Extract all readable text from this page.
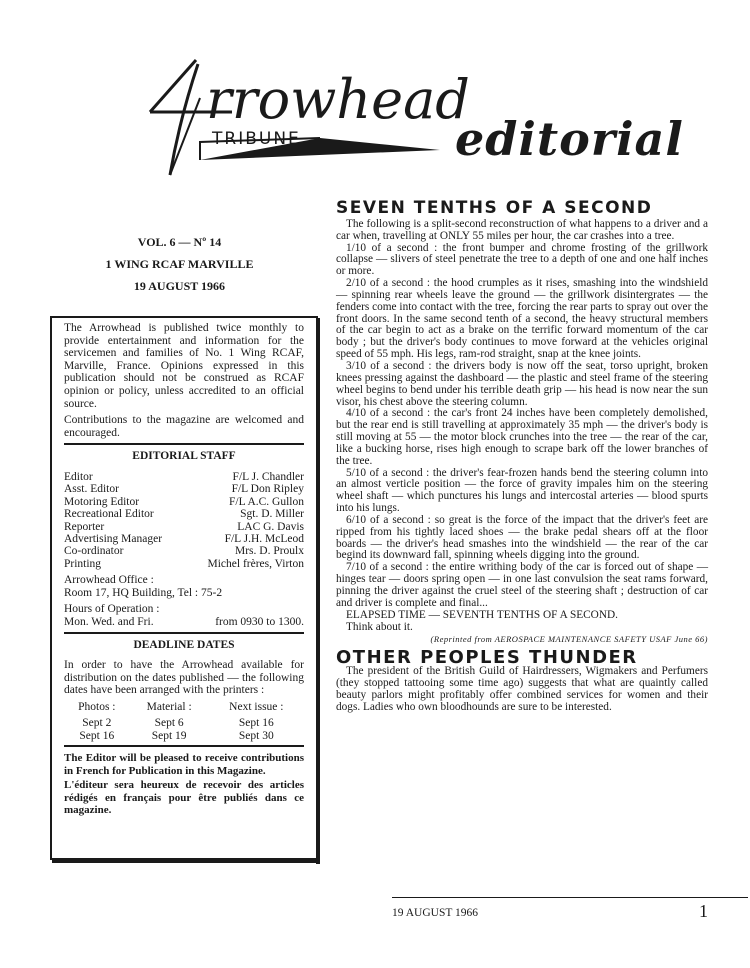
rrowhead
TRIBUNE	editorial
VOL. 6 — Nº 14
1 WING RCAF MARVILLE
19 AUGUST 1966

The Arrowhead is published twice monthly to provide entertainment and information for the servicemen and families of No. 1 Wing RCAF, Marville, France. Opinions expressed in this publication should not be construed as RCAF opinion or policy, unless accredited to an official source.

Contributions to the magazine are welcomed and encouraged.

EDITORIAL STAFF
Editor	F/L J. Chandler
Asst. Editor	F/L Don Ripley
Motoring Editor	F/L A.C. Gullon
Recreational Editor	Sgt. D. Miller
Reporter	LAC G. Davis
Advertising Manager	F/L J.H. McLeod
Co-ordinator	Mrs. D. Proulx
Printing	Michel frères, Virton
Arrowhead Office :
Room 17, HQ Building, Tel : 75-2
Hours of Operation :
Mon. Wed. and Fri.	from 0930 to 1300.
DEADLINE DATES

In order to have the Arrowhead available for distribution on the dates published — the following dates have been arranged with the printers :

Photos :	Material :	Next issue :
Sept 2	Sept 6	Sept 16
Sept 16	Sept 19	Sept 30

The Editor will be pleased to receive contributions in French for Publication in this Magazine.

L'éditeur sera heureux de recevoir des articles rédigés en français pour être publiés dans ce magazine.

SEVEN TENTHS OF A SECOND

The following is a split-second reconstruction of what happens to a driver and a car when, travelling at ONLY 55 miles per hour, the car crashes into a tree.

1/10 of a second : the front bumper and chrome frosting of the grillwork collapse — slivers of steel penetrate the tree to a depth of one and one half inches or more.

2/10 of a second : the hood crumples as it rises, smashing into the windshield — spinning rear wheels leave the ground — the grillwork disintergrates — the fenders come into contact with the tree, forcing the rear parts to spray out over the front doors. In the same second tenth of a second, the heavy structural members of the car begin to act as a brake on the terrific forward momentum of the car body ; but the driver's body continues to move forward at the vehicles original speed of 55 mph. His legs, ram-rod straight, snap at the knee joints.

3/10 of a second : the drivers body is now off the seat, torso upright, broken knees pressing against the dashboard — the plastic and steel frame of the steering wheel begins to bend under his terrible death grip — his head is now near the sun visor, his chest above the steering column.

4/10 of a second : the car's front 24 inches have been completely demolished, but the rear end is still travelling at approximately 35 mph — the driver's body is still moving at 55 — the motor block crunches into the tree — the rear of the car, like a bucking horse, rises high enough to scrape bark off the lower branches of the tree.

5/10 of a second : the driver's fear-frozen hands bend the steering column into an almost verticle position — the force of gravity impales him on the steering wheel shaft — which punctures his lungs and intercostal arteries — blood spurts into his lungs.

6/10 of a second : so great is the force of the impact that the driver's feet are ripped from his tightly laced shoes — the brake pedal shears off at the floor boards — the driver's head smashes into the windshield — the rear of the car begind its downward fall, spinning wheels digging into the ground.

7/10 of a second : the entire writhing body of the car is forced out of shape — hinges tear — doors spring open — in one last convulsion the seat rams forward, pinning the driver against the cruel steel of the steering shaft ; destruction of car and driver is complete and final...

ELAPSED TIME — SEVENTH TENTHS OF A SECOND.

Think about it.

(Reprinted from AEROSPACE MAINTENANCE SAFETY USAF June 66)
OTHER PEOPLES THUNDER

The president of the British Guild of Hairdressers, Wigmakers and Perfumers (they stopped tattooing some time ago) suggests that what are quaintly called beauty parlors might profitably offer combined services for women and their dogs. Ladies who own bloodhounds are sure to be interested.

19 AUGUST 1966	1
